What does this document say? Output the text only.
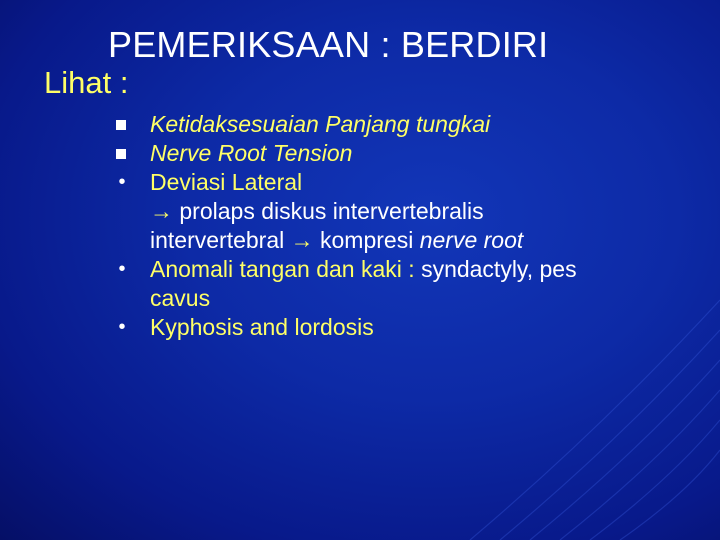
PEMERIKSAAN : BERDIRI
Lihat :
Ketidaksesuaian Panjang tungkai
Nerve Root Tension
• Deviasi Lateral
→ prolaps diskus intervertebralis
intervertebral → kompresi nerve root
• Anomali tangan dan kaki : syndactyly, pes
cavus
• Kyphosis and lordosis
